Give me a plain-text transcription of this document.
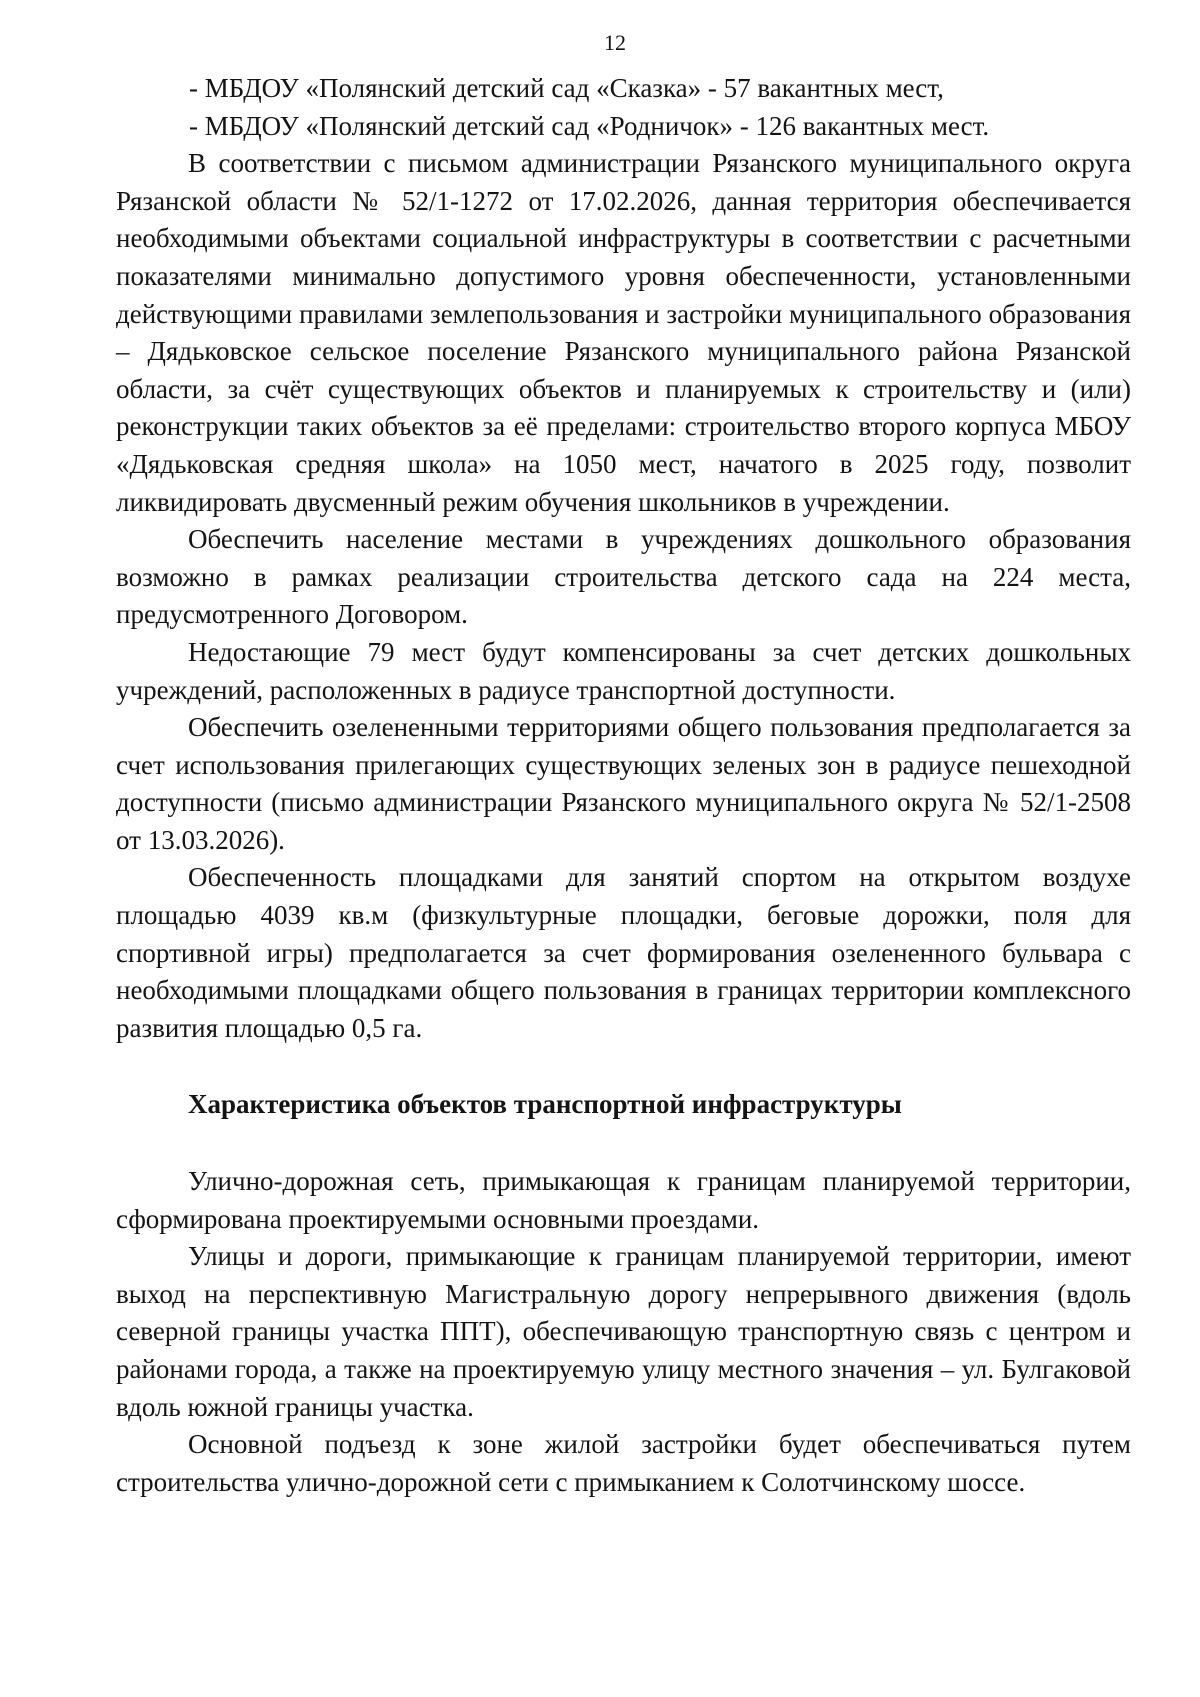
12

- МБДОУ «Полянский детский сад «Сказка» - 57 вакантных мест,

- МБДОУ «Полянский детский сад «Родничок» - 126 вакантных мест.

В соответствии с письмом администрации Рязанского муниципального округа Рязанской области № 52/1-1272 от 17.02.2026, данная территория обеспечивается необходимыми объектами социальной инфраструктуры в соответствии с расчетными показателями минимально допустимого уровня обеспеченности, установленными действующими правилами землепользования и застройки муниципального образования – Дядьковское сельское поселение Рязанского муниципального района Рязанской области, за счёт существующих объектов и планируемых к строительству и (или) реконструкции таких объектов за её пределами: строительство второго корпуса МБОУ «Дядьковская средняя школа» на 1050 мест, начатого в 2025 году, позволит ликвидировать двусменный режим обучения школьников в учреждении.

Обеспечить население местами в учреждениях дошкольного образования возможно в рамках реализации строительства детского сада на 224 места, предусмотренного Договором.

Недостающие 79 мест будут компенсированы за счет детских дошкольных учреждений, расположенных в радиусе транспортной доступности.

Обеспечить озелененными территориями общего пользования предполагается за счет использования прилегающих существующих зеленых зон в радиусе пешеходной доступности (письмо администрации Рязанского муниципального округа № 52/1-2508 от 13.03.2026).

Обеспеченность площадками для занятий спортом на открытом воздухе площадью 4039 кв.м (физкультурные площадки, беговые дорожки, поля для спортивной игры) предполагается за счет формирования озелененного бульвара с необходимыми площадками общего пользования в границах территории комплексного развития площадью 0,5 га.

Характеристика объектов транспортной инфраструктуры

Улично-дорожная сеть, примыкающая к границам планируемой территории, сформирована проектируемыми основными проездами.

Улицы и дороги, примыкающие к границам планируемой территории, имеют выход на перспективную Магистральную дорогу непрерывного движения (вдоль северной границы участка ППТ), обеспечивающую транспортную связь с центром и районами города, а также на проектируемую улицу местного значения – ул. Булгаковой вдоль южной границы участка.

Основной подъезд к зоне жилой застройки будет обеспечиваться путем строительства улично-дорожной сети с примыканием к Солотчинскому шоссе.
